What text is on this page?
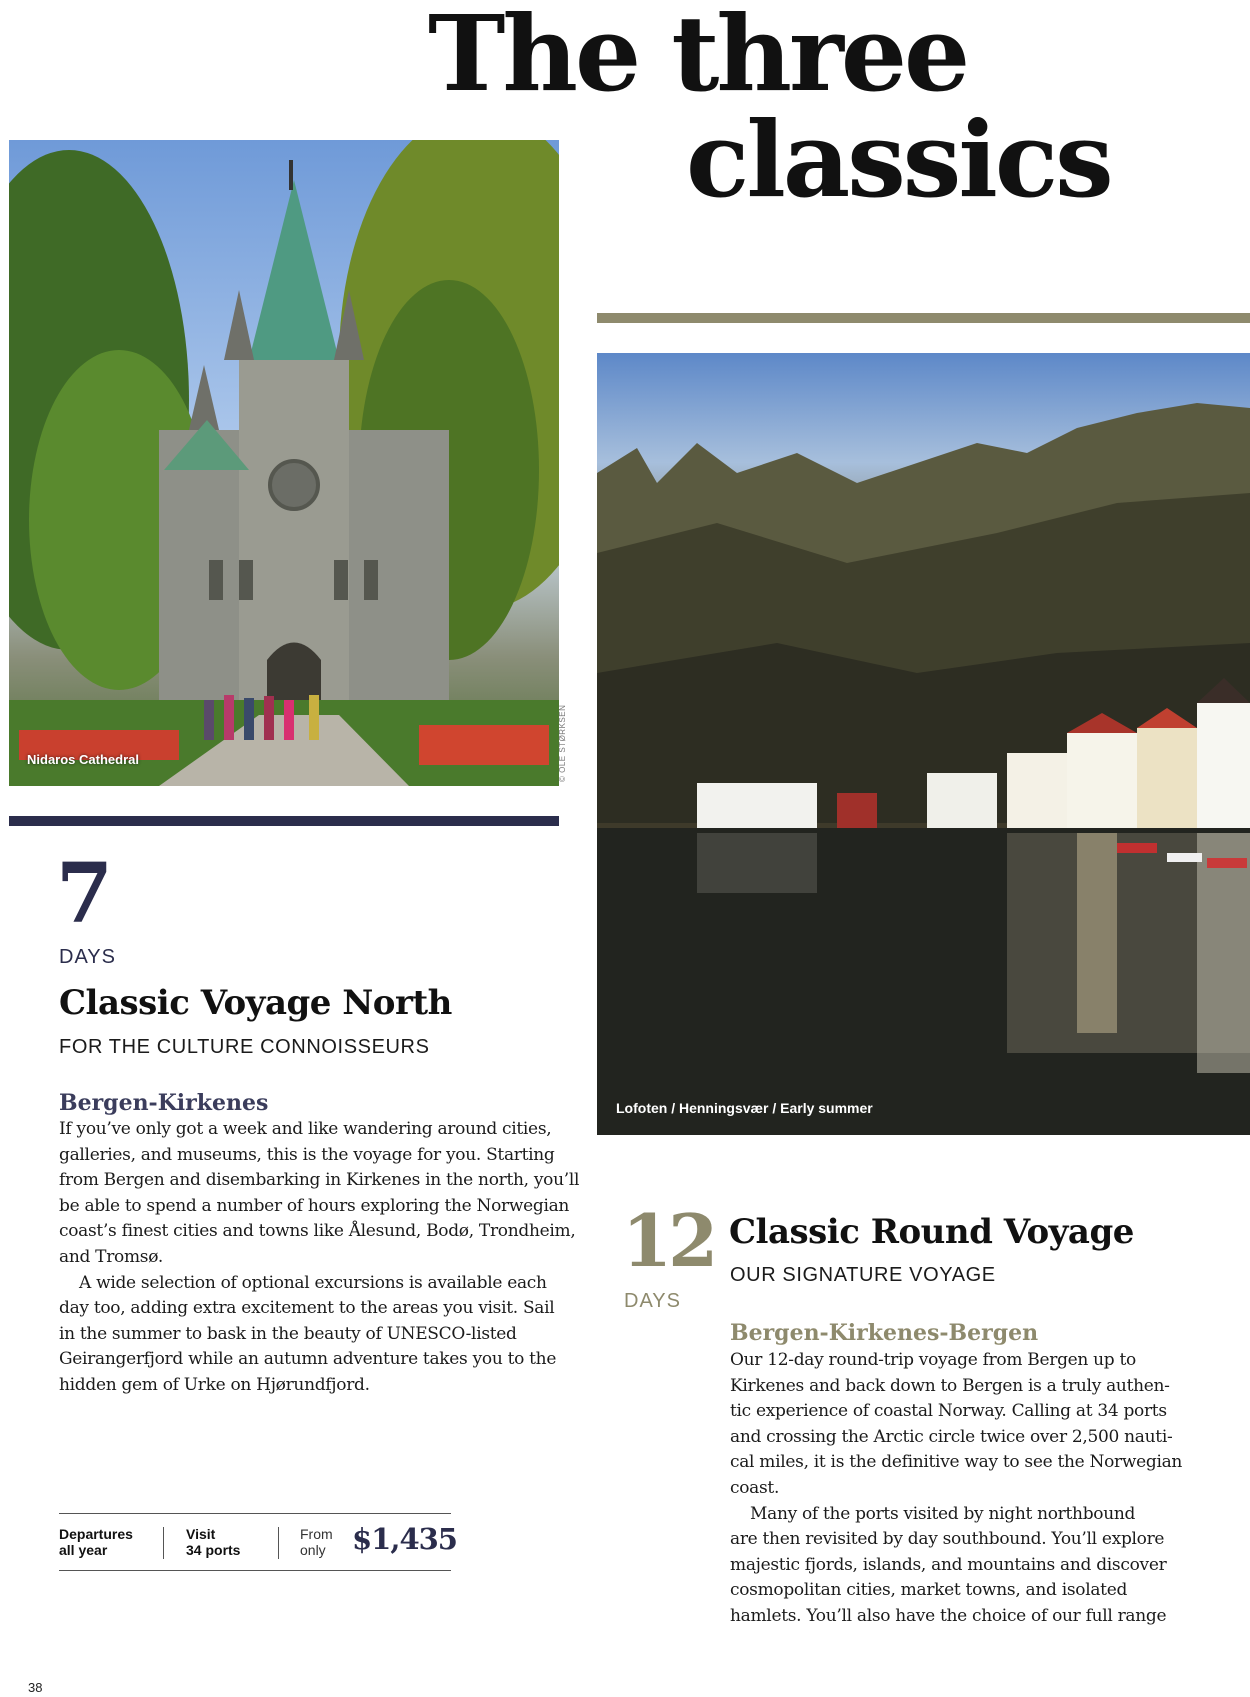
The three
classics
Nidaros Cathedral	© OLE STØRKSEN
Lofoten / Henningsvær / Early summer
7
DAYS
Classic Voyage North
FOR THE CULTURE CONNOISSEURS
Bergen-Kirkenes

If you’ve only got a week and like wandering around cities,

galleries, and museums, this is the voyage for you. Starting

from Bergen and disembarking in Kirkenes in the north, you’ll

be able to spend a number of hours exploring the Norwegian

coast’s finest cities and towns like Ålesund, Bodø, Trondheim,

and Tromsø.

A wide selection of optional excursions is available each

day too, adding extra excitement to the areas you visit. Sail

in the summer to bask in the beauty of UNESCO-listed

Geirangerfjord while an autumn adventure takes you to the

hidden gem of Urke on Hjørundfjord.

Departures
all year
Visit
34 ports
From
only $1,435
12
DAYS
Classic Round Voyage
OUR SIGNATURE VOYAGE
Bergen-Kirkenes-Bergen

Our 12-day round-trip voyage from Bergen up to

Kirkenes and back down to Bergen is a truly authen-

tic experience of coastal Norway. Calling at 34 ports

and crossing the Arctic circle twice over 2,500 nauti-

cal miles, it is the definitive way to see the Norwegian

coast.

Many of the ports visited by night northbound

are then revisited by day southbound. You’ll explore

majestic fjords, islands, and mountains and discover

cosmopolitan cities, market towns, and isolated

hamlets. You’ll also have the choice of our full range

38
